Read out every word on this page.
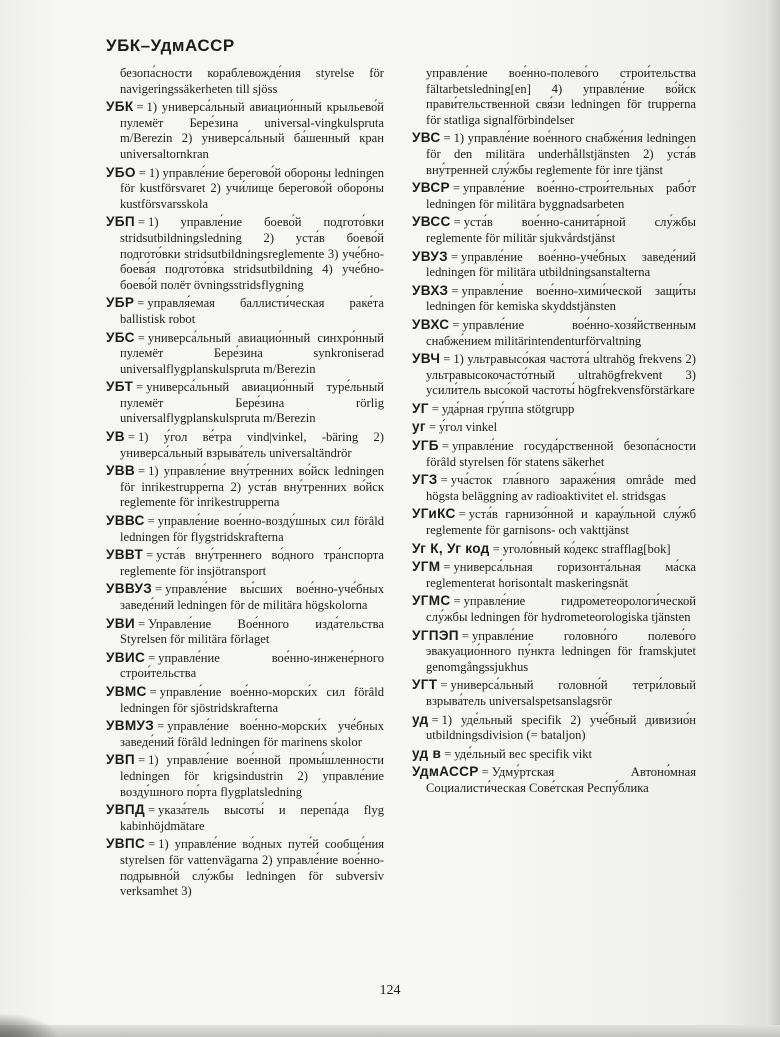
УБК–УдмАССР

безопа́сности кораблевожде́ния styrelse för navigeringssäkerheten till sjöss

УБК = 1) универса́льный авиацио́нный крыльево́й пулемёт Бере́зина universal-vingkulspruta m/Berezin 2) универса́льный ба́шенный кран universaltornkran

УБО = 1) управле́ние берегово́й обороны ledningen för kustförsvaret 2) учи́лище берегово́й оборо́ны kustförsvarsskola

УБП = 1) управле́ние боево́й подгото́вки stridsutbildningsledning 2) уста́в боево́й подгото́вки stridsutbildningsreglemente 3) уче́бно-боева́я подгото́вка stridsutbildning 4) уче́бно-боево́й полёт övningsstridsflygning

УБР = управля́емая баллисти́ческая раке́та ballistisk robot

УБС = универса́льный авиацио́нный синхро́нный пулемёт Бере́зина synkroniserad universalflygplanskulspruta m/Berezin

УБТ = универса́льный авиацио́нный туре́льный пулемёт Бере́зина rörlig universalflygplanskulspruta m/Berezin

УВ = 1) у́гол ве́тра vind|vinkel, -bäring 2) универса́льный взрыва́тель universaltändrör

УВВ = 1) управле́ние вну́тренних во́йск ledningen för inrikestrupperna 2) уста́в вну́тренних во́йск reglemente för inrikestrupperna

УВВС = управле́ние вое́нно-возду́шных сил förâld ledningen för flygstridskrafterna

УВВТ = уста́в вну́треннего во́дного тра́нспорта reglemente för insjötransport

УВВУЗ = управле́ние вы́сших вое́нно-уче́бных заведе́ний ledningen för de militära högskolorna

УВИ = Управле́ние Вое́нного изда́тельства Styrelsen för militära förlaget

УВИС = управле́ние вое́нно-инжене́рного строи́тельства

УВМС = управле́ние вое́нно-морски́х сил förâld ledningen för sjöstridskrafterna

УВМУЗ = управле́ние вое́нно-морски́х уче́бных заведе́ний förâld ledningen för marinens skolor

УВП = 1) управле́ние вое́нной промы́шленности ledningen för krigsindustrin 2) управле́ние возду́шного по́рта flygplatsledning

УВПД = указа́тель высоты́ и перепа́да flyg kabinhöjdmätare

УВПС = 1) управле́ние во́дных путе́й сообще́ния styrelsen för vattenvägarna 2) управле́ние вое́нно-подрывно́й слу́жбы ledningen för subversiv verksamhet 3)

управле́ние вое́нно-полево́го строи́тельства fältarbetsledning[en] 4) управле́ние во́йск прави́тельственной свя́зи ledningen för trupperna för statliga signalförbindelser

УВС = 1) управле́ние вое́нного снабже́ния ledningen för den militära underhållstjänsten 2) уста́в вну́тренней слу́жбы reglemente för inre tjänst

УВСР = управле́ние вое́нно-строи́тельных рабо́т ledningen för militära byggnadsarbeten

УВСС = уста́в вое́нно-санита́рной слу́жбы reglemente för militär sjukvårdstjänst

УВУЗ = управле́ние вое́нно-уче́бных заведе́ний ledningen för militära utbildningsanstalterna

УВХЗ = управле́ние вое́нно-хими́ческой защи́ты ledningen för kemiska skyddstjänsten

УВХС = управле́ние вое́нно-хозя́йственным снабже́нием militärintendenturförvaltning

УВЧ = 1) ультравысо́кая частота́ ultrahög frekvens 2) ультравысокочасто́тный ultrahögfrekvent 3) усили́тель высо́кой частоты́ högfrekvensförstärkare

УГ = уда́рная гру́ппа stötgrupp

уг = у́гол vinkel

УГБ = управле́ние госуда́рственной безопа́сности förâld styrelsen för statens säkerhet

УГЗ = уча́сток гла́вного зараже́ния område med högsta beläggning av radioaktivitet el. stridsgas

УГиКС = уста́в гарнизо́нной и карау́льной слу́жб reglemente för garnisons- och vakttjänst

Уг К, Уг код = уголо́вный ко́декс strafflag[bok]

УГМ = универса́льная горизонта́льная ма́ска reglementerat horisontalt maskeringsnät

УГМС = управле́ние гидрометеорологи́ческой слу́жбы ledningen för hydrometeorologiska tjänsten

УГПЭП = управле́ние головно́го полево́го эвакуацио́нного пу́нкта ledningen för framskjutet genomgångssjukhus

УГТ = универса́льный головно́й тетри́ловый взрыва́тель universalspetsanslagsrör

уд = 1) уде́льный specifik 2) уче́бный дивизио́н utbildningsdivision (= bataljon)

уд в = уде́льный вес specifik vikt

УдмАССР = Удму́ртская Автоно́мная Социалисти́ческая Сове́тская Респу́блика

124
